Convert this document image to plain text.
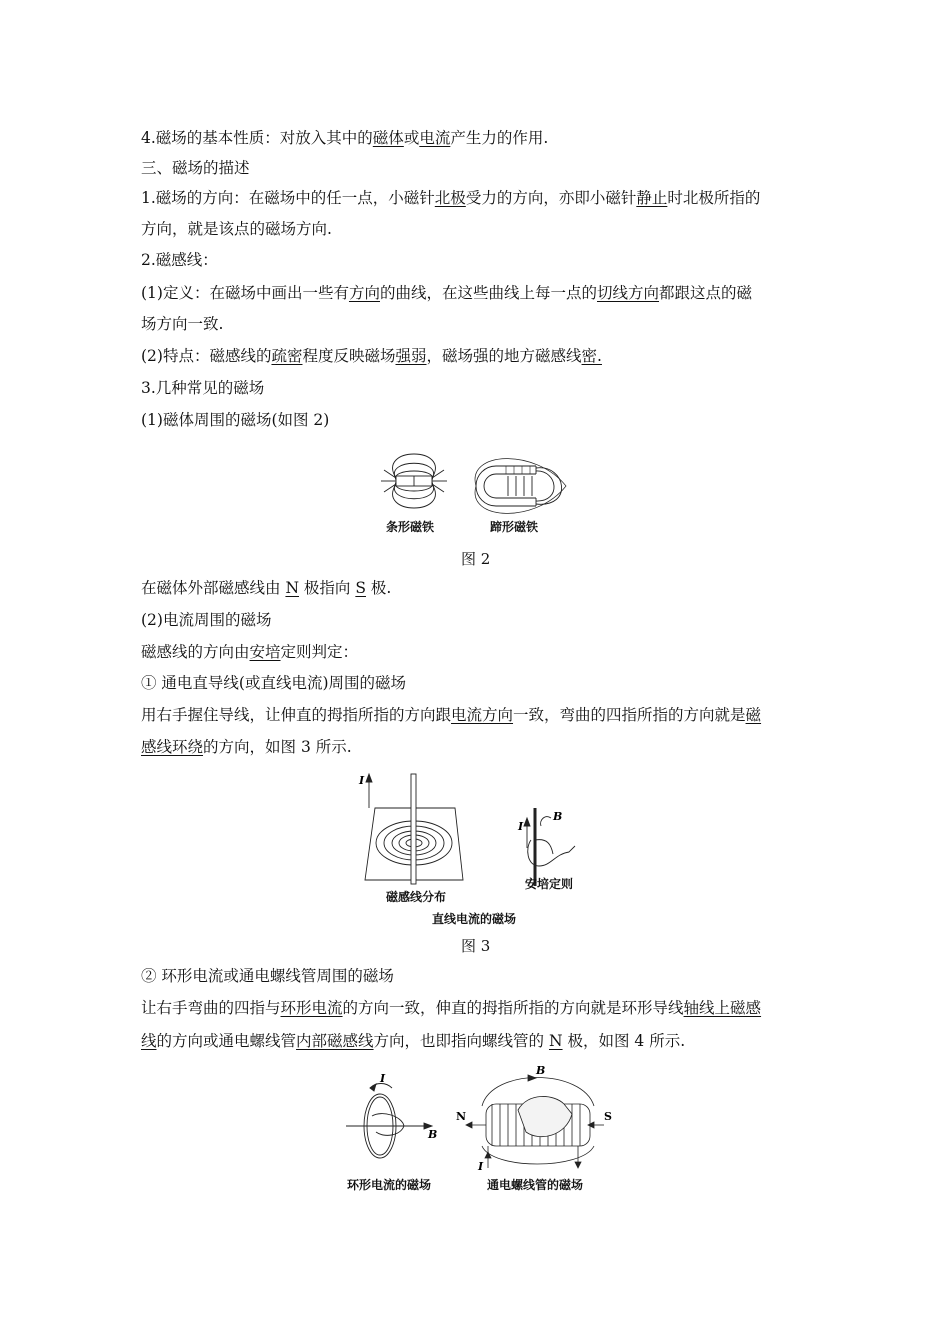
4.磁场的基本性质：对放入其中的磁体或电流产生力的作用.
三、磁场的描述
1.磁场的方向：在磁场中的任一点，小磁针北极受力的方向，亦即小磁针静止时北极所指的
方向，就是该点的磁场方向.
2.磁感线：
(1)定义：在磁场中画出一些有方向的曲线，在这些曲线上每一点的切线方向都跟这点的磁
场方向一致.
(2)特点：磁感线的疏密程度反映磁场强弱，磁场强的地方磁感线密.
3.几种常见的磁场
(1)磁体周围的磁场(如图 2)
条形磁铁	蹄形磁铁
图 2
在磁体外部磁感线由 N 极指向 S 极.
(2)电流周围的磁场
磁感线的方向由安培定则判定：
① 通电直导线(或直线电流)周围的磁场
用右手握住导线，让伸直的拇指所指的方向跟电流方向一致，弯曲的四指所指的方向就是磁
感线环绕的方向，如图 3 所示.
I
I
B
磁感线分布
安培定则
直线电流的磁场
图 3
② 环形电流或通电螺线管周围的磁场
让右手弯曲的四指与环形电流的方向一致，伸直的拇指所指的方向就是环形导线轴线上磁感
线的方向或通电螺线管内部磁感线方向，也即指向螺线管的 N 极，如图 4 所示.
I
B
B
N	S
I
环形电流的磁场	通电螺线管的磁场
